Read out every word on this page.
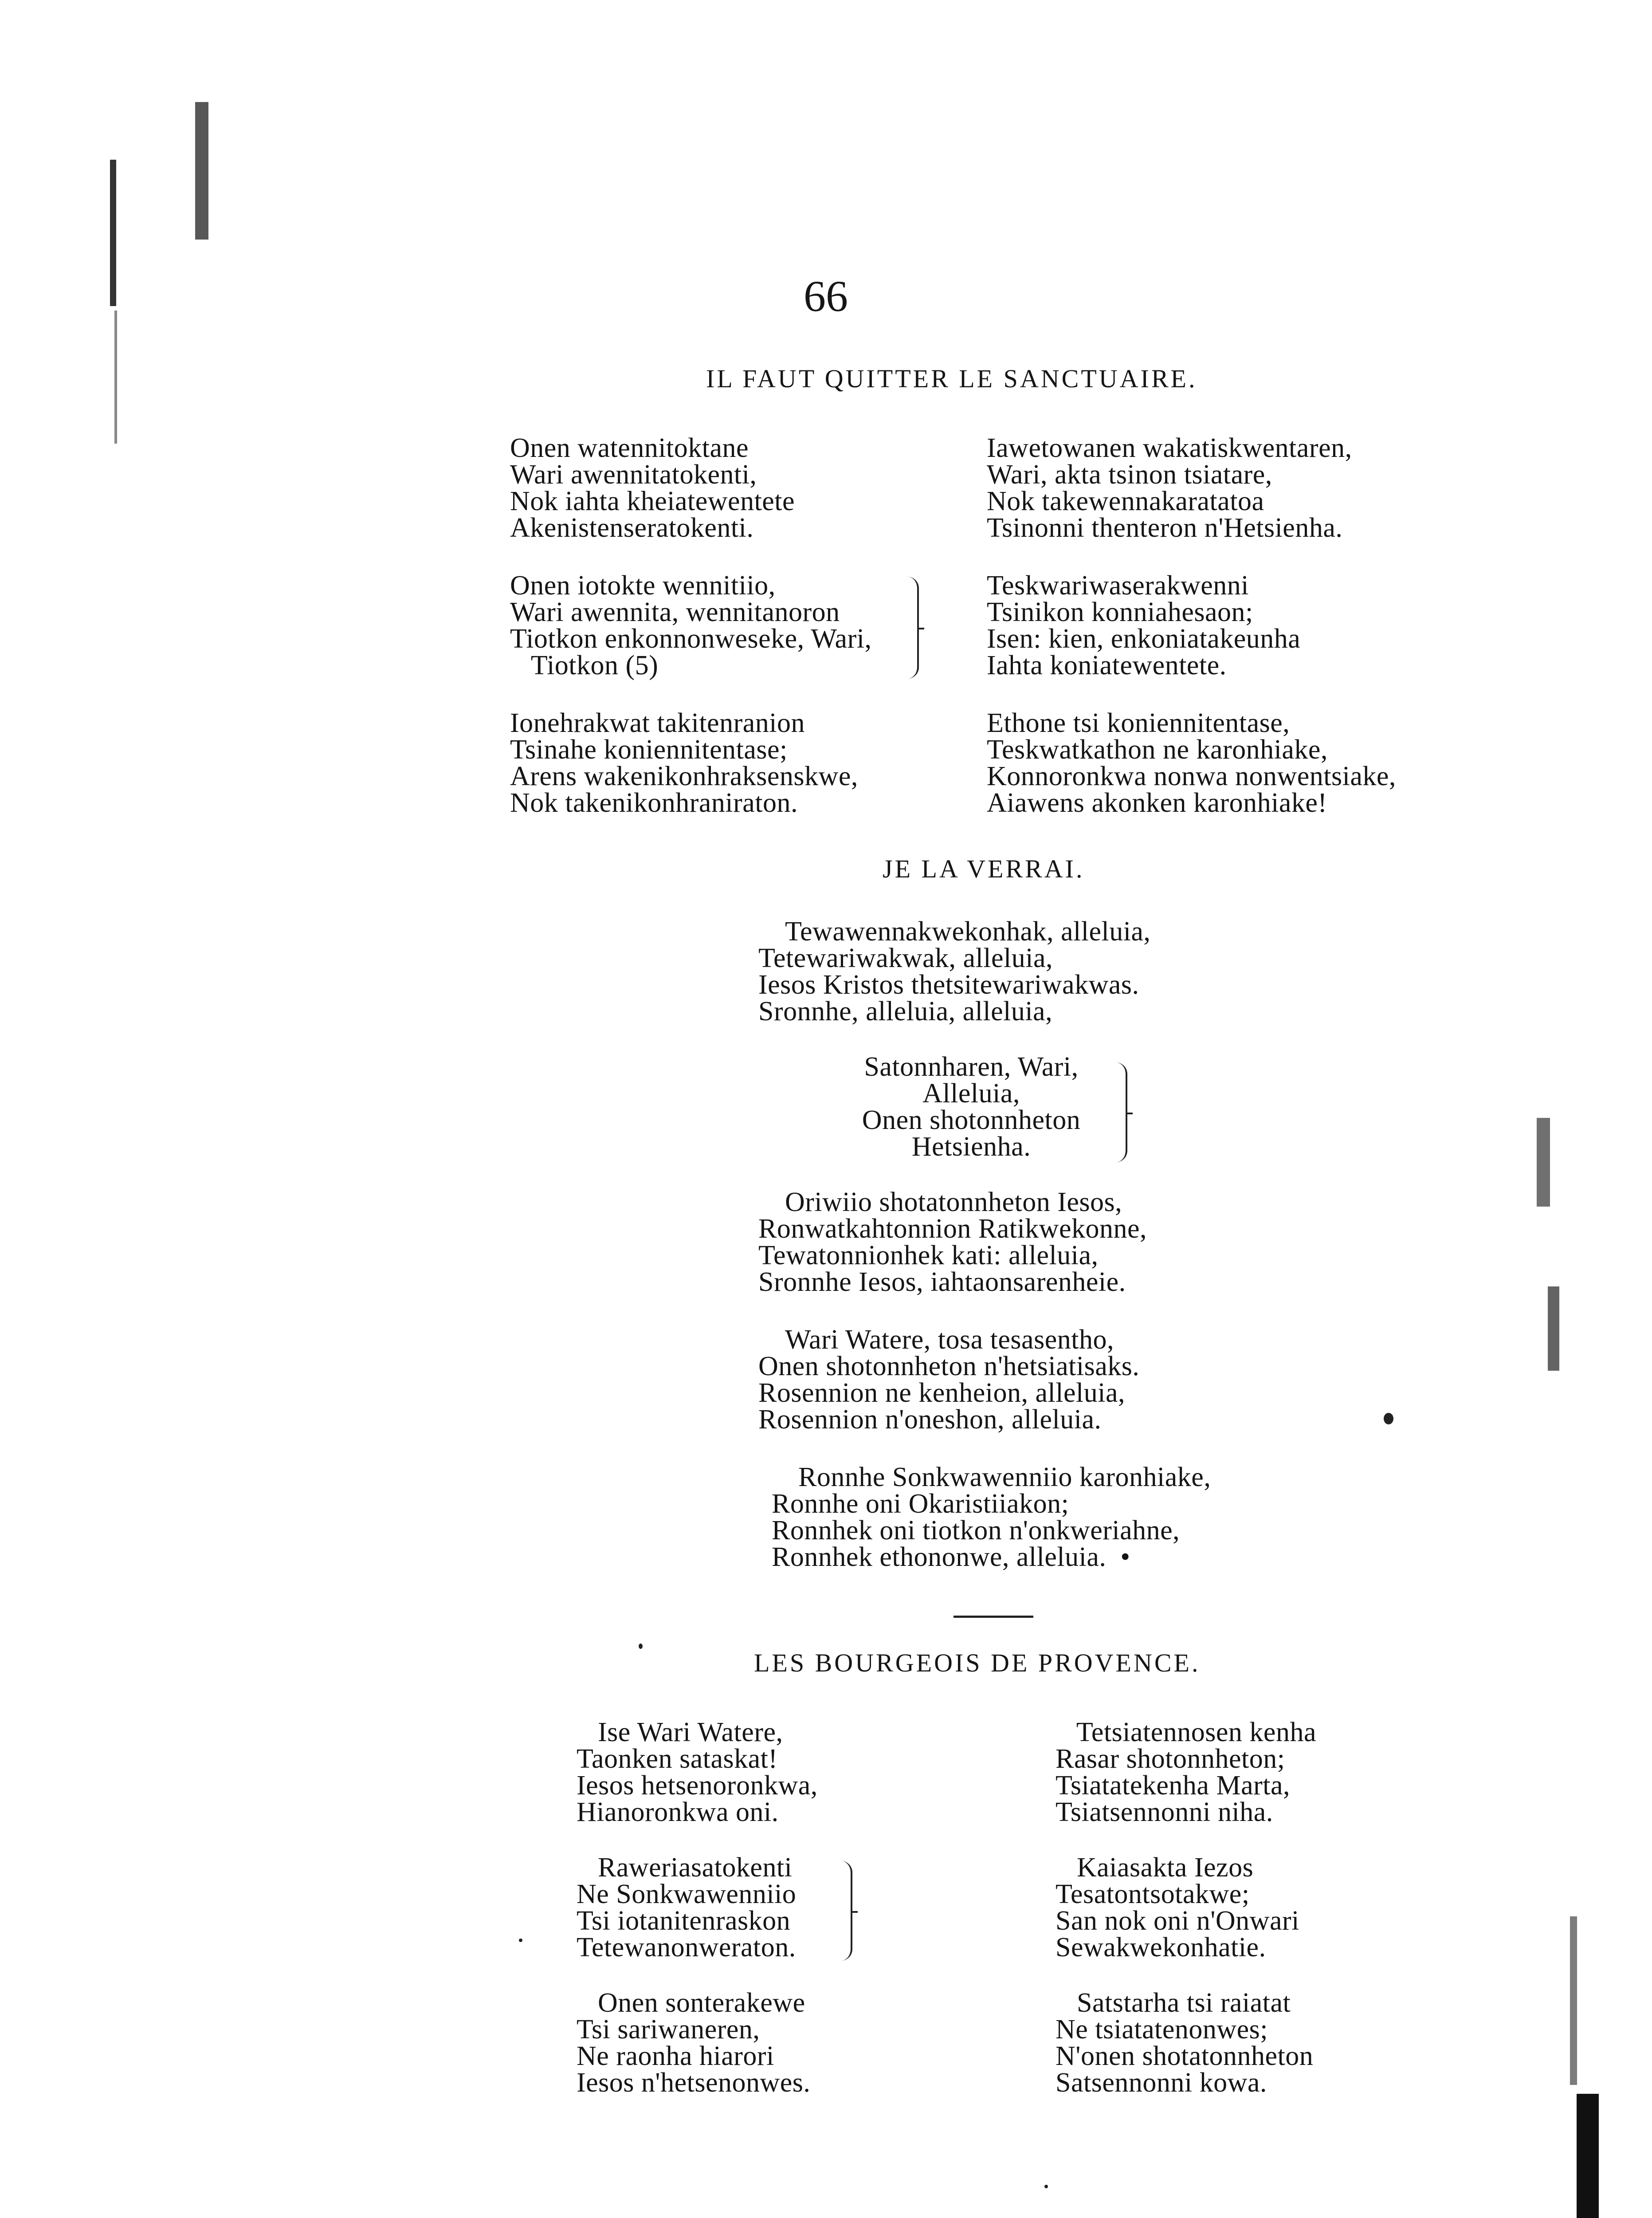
66
IL FAUT QUITTER LE SANCTUAIRE.
Onen watennitoktane
Wari awennitatokenti,
Nok iahta kheiatewentete
Akenistenseratokenti.
Onen iotokte wennitiio,
Wari awennita, wennitanoron
Tiotkon enkonnonweseke, Wari,
Tiotkon (5)
Ionehrakwat takitenranion
Tsinahe koniennitentase;
Arens wakenikonhraksenskwe,
Nok takenikonhraniraton.
Iawetowanen wakatiskwentaren,
Wari, akta tsinon tsiatare,
Nok takewennakaratatoa
Tsinonni thenteron n'Hetsienha.
Teskwariwaserakwenni
Tsinikon konniahesaon;
Isen: kien, enkoniatakeunha
Iahta koniatewentete.
Ethone tsi koniennitentase,
Teskwatkathon ne karonhiake,
Konnoronkwa nonwa nonwentsiake,
Aiawens akonken karonhiake!
JE LA VERRAI.
Tewawennakwekonhak, alleluia,
Tetewariwakwak, alleluia,
Iesos Kristos thetsitewariwakwas.
Sronnhe, alleluia, alleluia,
Satonnharen, Wari,
Alleluia,
Onen shotonnheton
Hetsienha.
Oriwiio shotatonnheton Iesos,
Ronwatkahtonnion Ratikwekonne,
Tewatonnionhek kati: alleluia,
Sronnhe Iesos, iahtaonsarenheie.
Wari Watere, tosa tesasentho,
Onen shotonnheton n'hetsiatisaks.
Rosennion ne kenheion, alleluia,
Rosennion n'oneshon, alleluia.
Ronnhe Sonkwawenniio karonhiake,
Ronnhe oni Okaristiiakon;
Ronnhek oni tiotkon n'onkweriahne,
Ronnhek ethononwe, alleluia.  •
LES BOURGEOIS DE PROVENCE.
Ise Wari Watere,
Taonken sataskat!
Iesos hetsenoronkwa,
Hianoronkwa oni.
Raweriasatokenti
Ne Sonkwawenniio
Tsi iotanitenraskon
Tetewanonweraton.
Onen sonterakewe
Tsi sariwaneren,
Ne raonha hiarori
Iesos n'hetsenonwes.
Tetsiatennosen kenha
Rasar shotonnheton;
Tsiatatekenha Marta,
Tsiatsennonni niha.
Kaiasakta Iezos
Tesatontsotakwe;
San nok oni n'Onwari
Sewakwekonhatie.
Satstarha tsi raiatat
Ne tsiatatenonwes;
N'onen shotatonnheton
Satsennonni kowa.
